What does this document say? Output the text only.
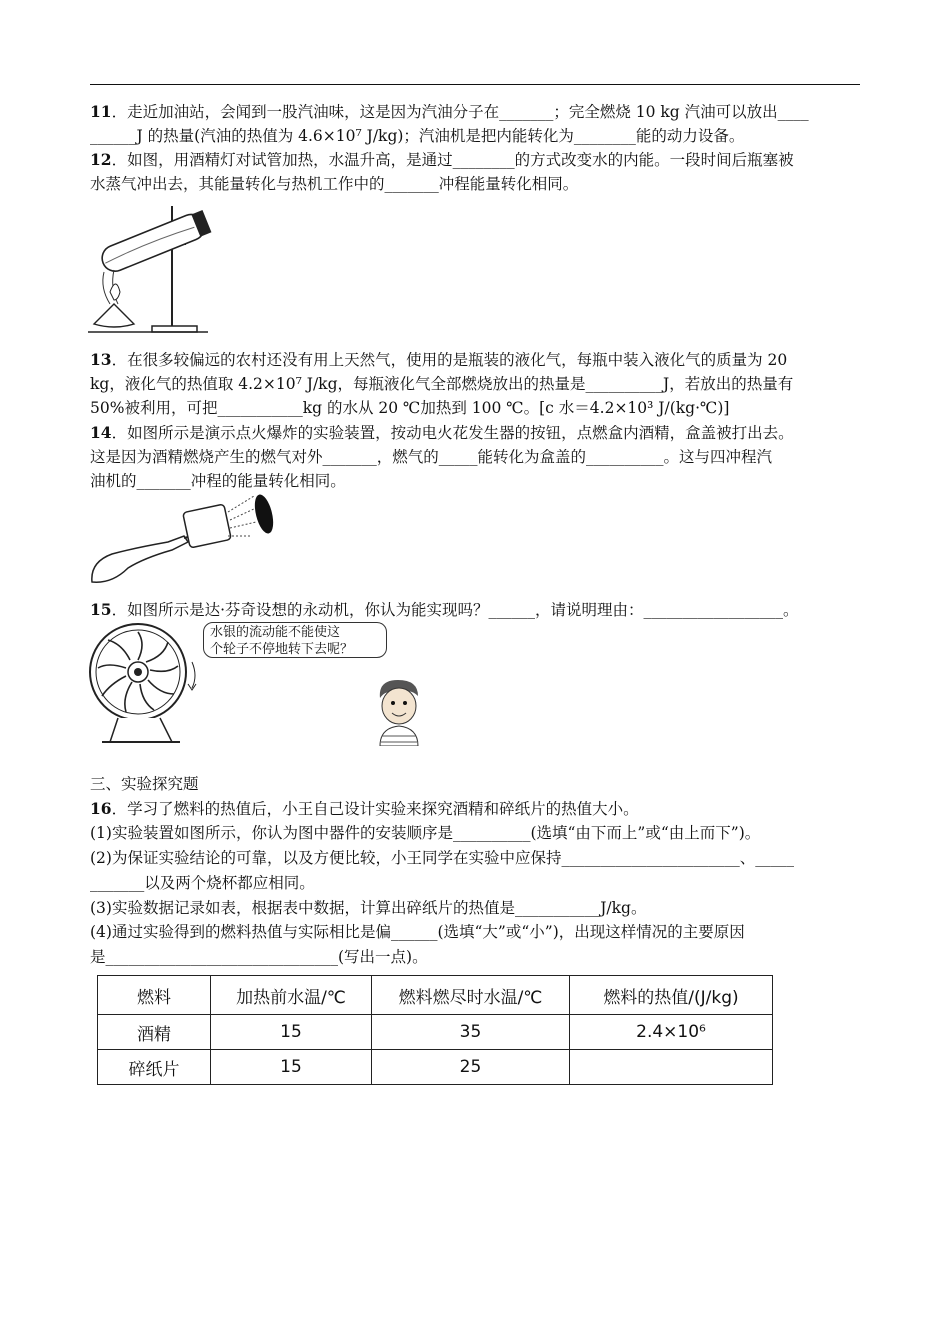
11．走近加油站，会闻到一股汽油味，这是因为汽油分子在_______；完全燃烧 10 kg 汽油可以放出____
______J 的热量(汽油的热值为 4.6×10⁷ J/kg)；汽油机是把内能转化为________能的动力设备。
12．如图，用酒精灯对试管加热，水温升高，是通过________的方式改变水的内能。一段时间后瓶塞被
水蒸气冲出去，其能量转化与热机工作中的_______冲程能量转化相同。
13．在很多较偏远的农村还没有用上天然气，使用的是瓶装的液化气，每瓶中装入液化气的质量为 20
kg，液化气的热值取 4.2×10⁷ J/kg，每瓶液化气全部燃烧放出的热量是__________J，若放出的热量有
50%被利用，可把___________kg 的水从 20 ℃加热到 100 ℃。[c 水＝4.2×10³ J/(kg·℃)]
14．如图所示是演示点火爆炸的实验装置，按动电火花发生器的按钮，点燃盒内酒精，盒盖被打出去。
这是因为酒精燃烧产生的燃气对外_______，燃气的_____能转化为盒盖的__________。这与四冲程汽
油机的_______冲程的能量转化相同。
15．如图所示是达·芬奇设想的永动机，你认为能实现吗？______，请说明理由：__________________。
水银的流动能不能使这
个轮子不停地转下去呢？
三、实验探究题
16．学习了燃料的热值后，小王自己设计实验来探究酒精和碎纸片的热值大小。
(1)实验装置如图所示，你认为图中器件的安装顺序是__________(选填“由下而上”或“由上而下”)。
(2)为保证实验结论的可靠，以及方便比较，小王同学在实验中应保持_______________________、_____
_______以及两个烧杯都应相同。
(3)实验数据记录如表，根据表中数据，计算出碎纸片的热值是___________J/kg。
(4)通过实验得到的燃料热值与实际相比是偏______(选填“大”或“小”)，出现这样情况的主要原因
是______________________________(写出一点)。
燃料	加热前水温/℃	燃料燃尽时水温/℃	燃料的热值/(J/kg)
酒精	15	35	2.4×10⁶
碎纸片	15	25	
